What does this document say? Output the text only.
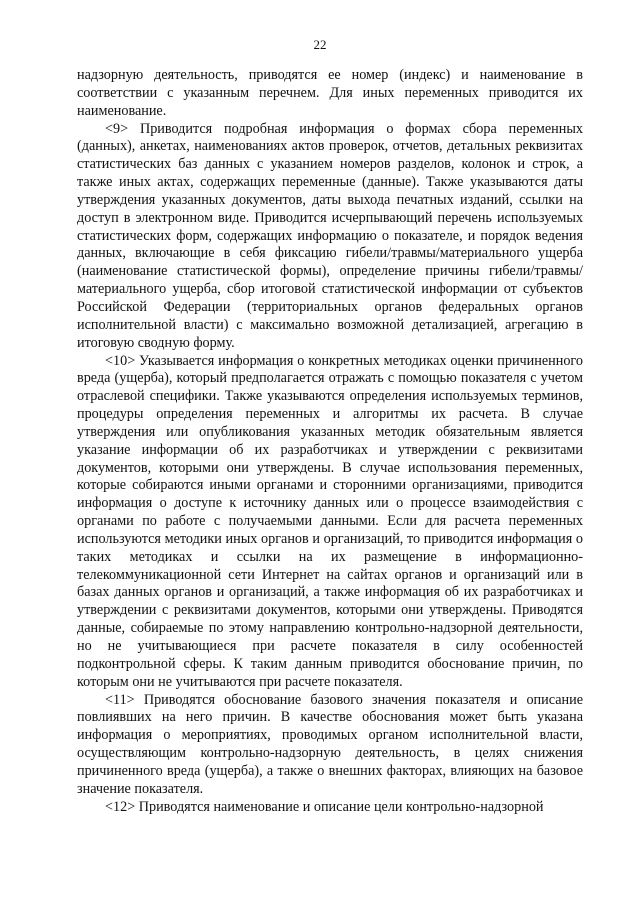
22

надзорную деятельность, приводятся ее номер (индекс) и наименование в соответствии с указанным перечнем. Для иных переменных приводится их наименование.

<9> Приводится подробная информация о формах сбора переменных (данных), анкетах, наименованиях актов проверок, отчетов, детальных реквизитах статистических баз данных с указанием номеров разделов, колонок и строк, а также иных актах, содержащих переменные (данные). Также указываются даты утверждения указанных документов, даты выхода печатных изданий, ссылки на доступ в электронном виде. Приводится исчерпывающий перечень используемых статистических форм, содержащих информацию о показателе, и порядок ведения данных, включающие в себя фиксацию гибели/травмы/материального ущерба (наименование статистической формы), определение причины гибели/травмы/материального ущерба, сбор итоговой статистической информации от субъектов Российской Федерации (территориальных органов федеральных органов исполнительной власти) с максимально возможной детализацией, агрегацию в итоговую сводную форму.

<10> Указывается информация о конкретных методиках оценки причиненного вреда (ущерба), который предполагается отражать с помощью показателя с учетом отраслевой специфики. Также указываются определения используемых терминов, процедуры определения переменных и алгоритмы их расчета. В случае утверждения или опубликования указанных методик обязательным является указание информации об их разработчиках и утверждении с реквизитами документов, которыми они утверждены. В случае использования переменных, которые собираются иными органами и сторонними организациями, приводится информация о доступе к источнику данных или о процессе взаимодействия с органами по работе с получаемыми данными. Если для расчета переменных используются методики иных органов и организаций, то приводится информация о таких методиках и ссылки на их размещение в информационно-телекоммуникационной сети Интернет на сайтах органов и организаций или в базах данных органов и организаций, а также информация об их разработчиках и утверждении с реквизитами документов, которыми они утверждены. Приводятся данные, собираемые по этому направлению контрольно-надзорной деятельности, но не учитывающиеся при расчете показателя в силу особенностей подконтрольной сферы. К таким данным приводится обоснование причин, по которым они не учитываются при расчете показателя.

<11> Приводятся обоснование базового значения показателя и описание повлиявших на него причин. В качестве обоснования может быть указана информация о мероприятиях, проводимых органом исполнительной власти, осуществляющим контрольно-надзорную деятельность, в целях снижения причиненного вреда (ущерба), а также о внешних факторах, влияющих на базовое значение показателя.

<12> Приводятся наименование и описание цели контрольно-надзорной
